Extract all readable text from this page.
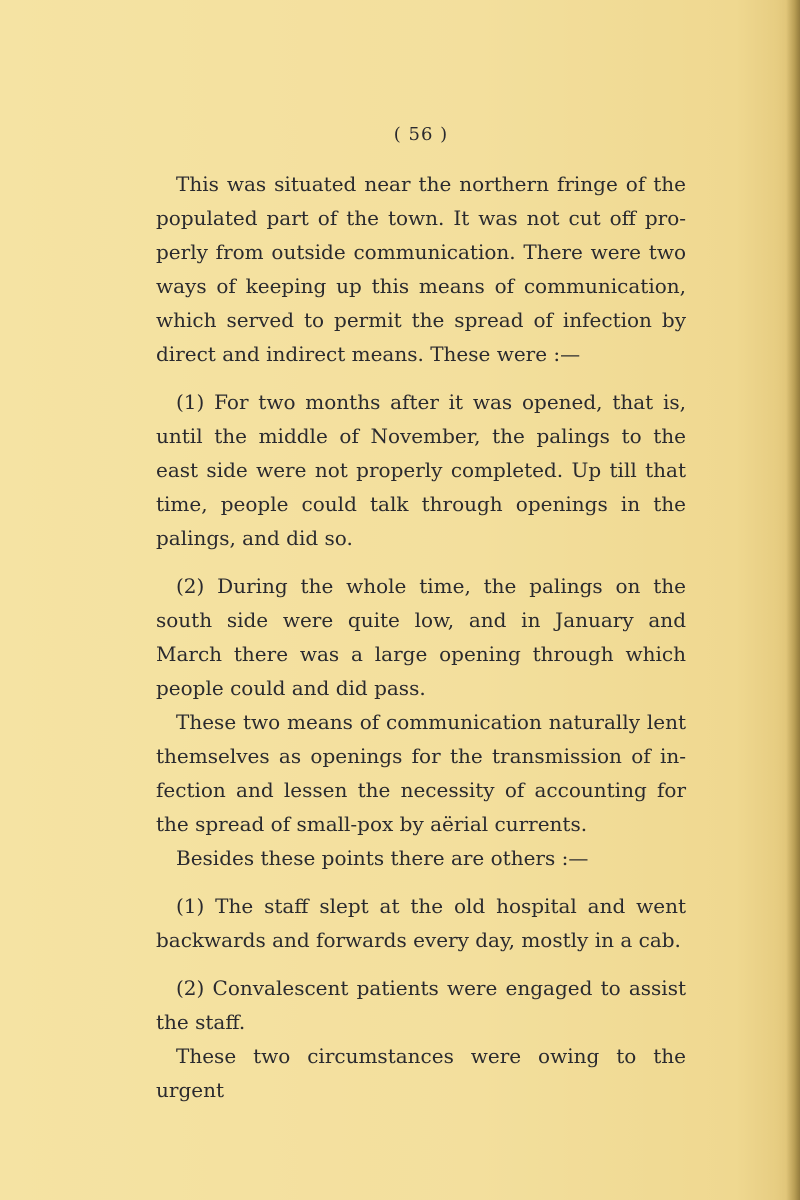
( 56 )

This was situated near the northern fringe of the populated part of the town. It was not cut off properly from outside communication. There were two ways of keeping up this means of communication, which served to permit the spread of infection by direct and indirect means. These were :—

(1) For two months after it was opened, that is, until the middle of November, the palings to the east side were not properly completed. Up till that time, people could talk through openings in the palings, and did so.

(2) During the whole time, the palings on the south side were quite low, and in January and March there was a large opening through which people could and did pass.

These two means of communication naturally lent themselves as openings for the transmission of infection and lessen the necessity of accounting for the spread of small-pox by aërial currents.

Besides these points there are others :—

(1) The staff slept at the old hospital and went backwards and forwards every day, mostly in a cab.

(2) Convalescent patients were engaged to assist the staff.

These two circumstances were owing to the urgent
